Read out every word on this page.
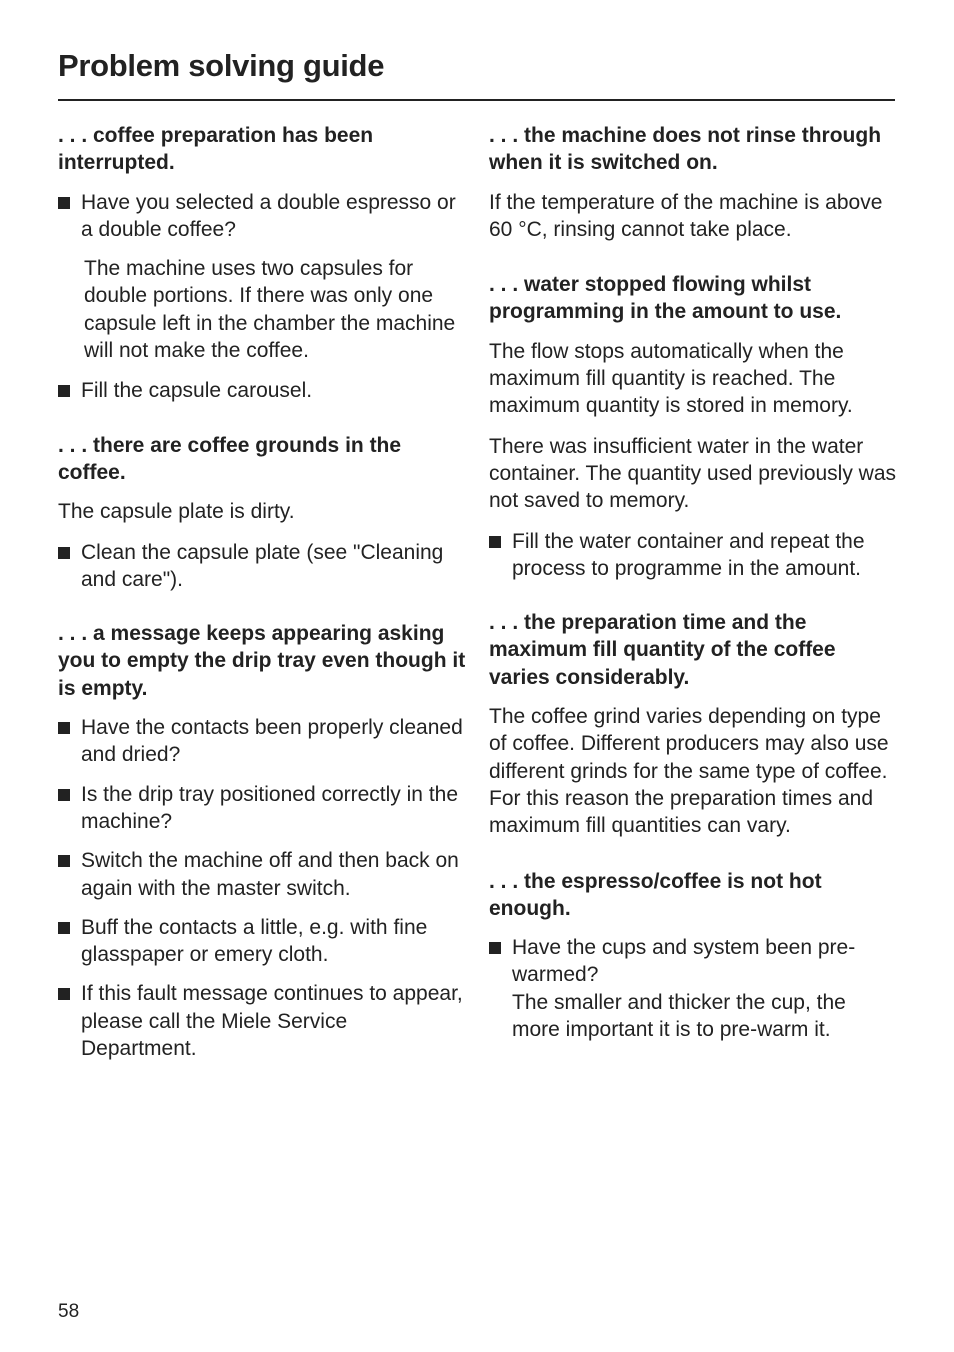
Problem solving guide
. . . coffee preparation has been interrupted.
Have you selected a double espresso or a double coffee?
The machine uses two capsules for double portions. If there was only one capsule left in the chamber the machine will not make the coffee.
Fill the capsule carousel.
. . . there are coffee grounds in the coffee.
The capsule plate is dirty.
Clean the capsule plate (see "Cleaning and care").
. . . a message keeps appearing asking you to empty the drip tray even though it is empty.
Have the contacts been properly cleaned and dried?
Is the drip tray positioned correctly in the machine?
Switch the machine off and then back on again with the master switch.
Buff the contacts a little, e.g. with fine glasspaper or emery cloth.
If this fault message continues to appear, please call the Miele Service Department.
. . . the machine does not rinse through when it is switched on.
If the temperature of the machine is above 60 °C, rinsing cannot take place.
. . . water stopped flowing whilst programming in the amount to use.
The flow stops automatically when the maximum fill quantity is reached. The maximum quantity is stored in memory.
There was insufficient water in the water container. The quantity used previously was not saved to memory.
Fill the water container and repeat the process to programme in the amount.
. . . the preparation time and the maximum fill quantity of the coffee varies considerably.
The coffee grind varies depending on type of coffee. Different producers may also use different grinds for the same type of coffee. For this reason the preparation times and maximum fill quantities can vary.
. . . the espresso/coffee is not hot enough.
Have the cups and system been pre-warmed?
The smaller and thicker the cup, the more important it is to pre-warm it.
58
